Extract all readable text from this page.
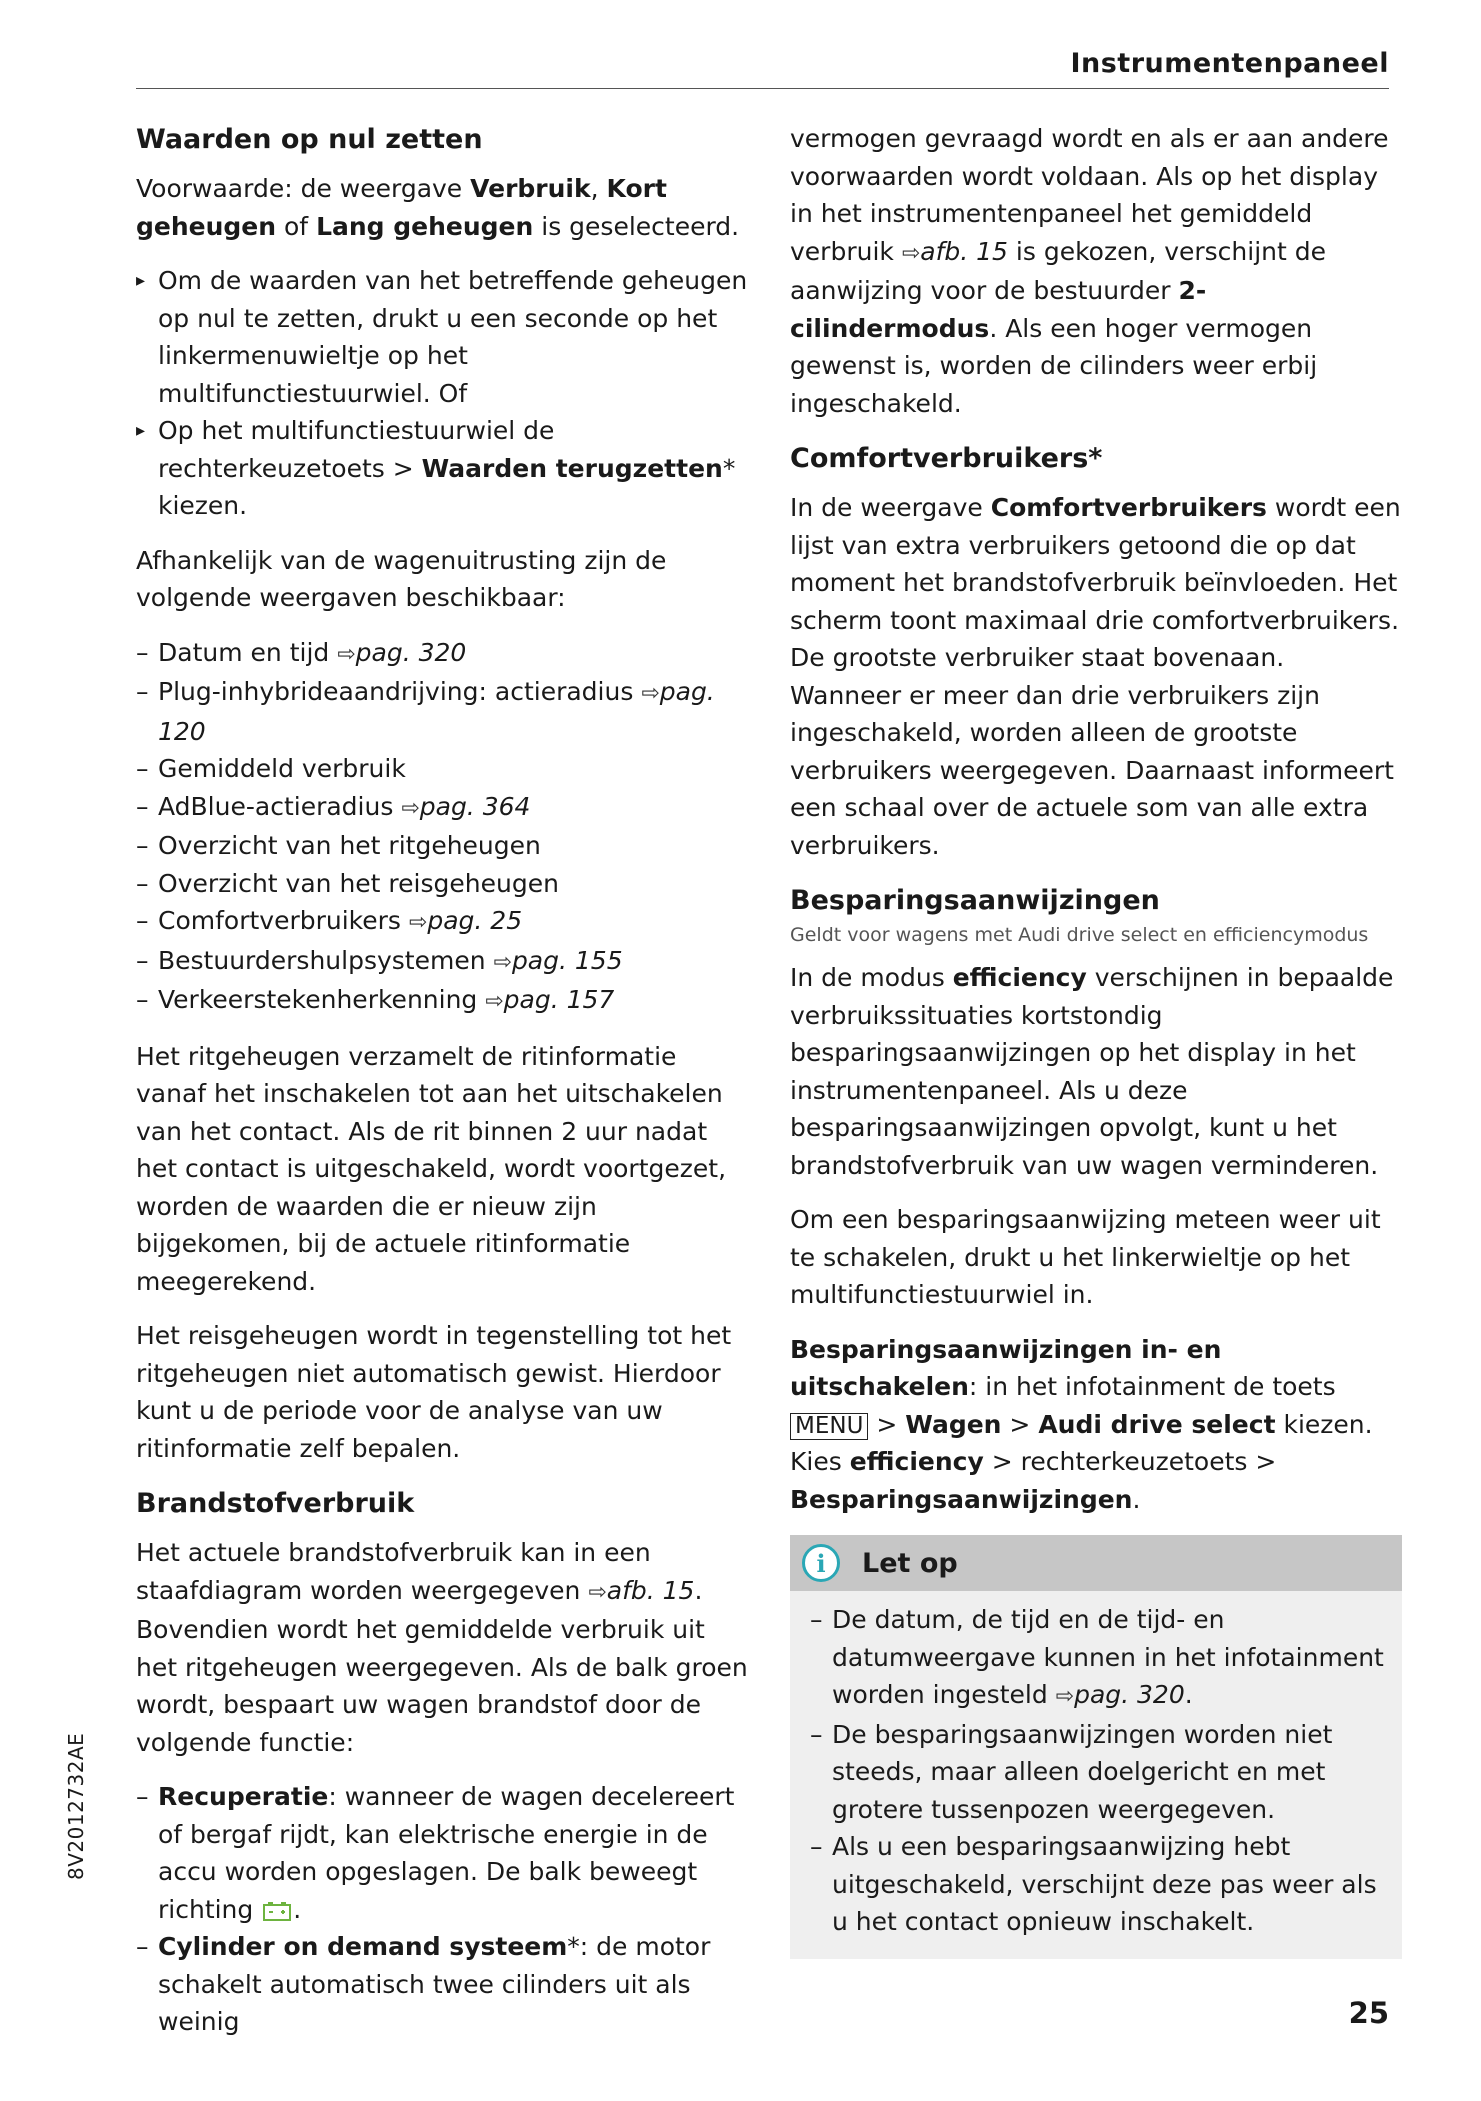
Instrumentenpaneel
Waarden op nul zetten

Voorwaarde: de weergave Verbruik, Kort geheugen of Lang geheugen is geselecteerd.

▸ Om de waarden van het betreffende geheugen op nul te zetten, drukt u een seconde op het linkermenuwieltje op het multifunctiestuurwiel. Of
▸ Op het multifunctiestuurwiel de rechterkeuzetoets > Waarden terugzetten* kiezen.

Afhankelijk van de wagenuitrusting zijn de volgende weergaven beschikbaar:

– Datum en tijd ⇨pag. 320
– Plug-inhybrideaandrijving: actieradius ⇨pag. 120
– Gemiddeld verbruik
– AdBlue-actieradius ⇨pag. 364
– Overzicht van het ritgeheugen
– Overzicht van het reisgeheugen
– Comfortverbruikers ⇨pag. 25
– Bestuurdershulpsystemen ⇨pag. 155
– Verkeerstekenherkenning ⇨pag. 157

Het ritgeheugen verzamelt de ritinformatie vanaf het inschakelen tot aan het uitschakelen van het contact. Als de rit binnen 2 uur nadat het contact is uitgeschakeld, wordt voortgezet, worden de waarden die er nieuw zijn bijgekomen, bij de actuele ritinformatie meegerekend.

Het reisgeheugen wordt in tegenstelling tot het ritgeheugen niet automatisch gewist. Hierdoor kunt u de periode voor de analyse van uw ritinformatie zelf bepalen.

Brandstofverbruik

Het actuele brandstofverbruik kan in een staafdiagram worden weergegeven ⇨afb. 15. Bovendien wordt het gemiddelde verbruik uit het ritgeheugen weergegeven. Als de balk groen wordt, bespaart uw wagen brandstof door de volgende functie:

– Recuperatie: wanneer de wagen decelereert of bergaf rijdt, kan elektrische energie in de accu worden opgeslagen. De balk beweegt richting .
– Cylinder on demand systeem*: de motor schakelt automatisch twee cilinders uit als weinig

vermogen gevraagd wordt en als er aan andere voorwaarden wordt voldaan. Als op het display in het instrumentenpaneel het gemiddeld verbruik ⇨afb. 15 is gekozen, verschijnt de aanwijzing voor de bestuurder 2-cilindermodus. Als een hoger vermogen gewenst is, worden de cilinders weer erbij ingeschakeld.

Comfortverbruikers*

In de weergave Comfortverbruikers wordt een lijst van extra verbruikers getoond die op dat moment het brandstofverbruik beïnvloeden. Het scherm toont maximaal drie comfortverbruikers. De grootste verbruiker staat bovenaan. Wanneer er meer dan drie verbruikers zijn ingeschakeld, worden alleen de grootste verbruikers weergegeven. Daarnaast informeert een schaal over de actuele som van alle extra verbruikers.

Besparingsaanwijzingen
Geldt voor wagens met Audi drive select en efficiencymodus

In de modus efficiency verschijnen in bepaalde verbruikssituaties kortstondig besparingsaanwijzingen op het display in het instrumentenpaneel. Als u deze besparingsaanwijzingen opvolgt, kunt u het brandstofverbruik van uw wagen verminderen.

Om een besparingsaanwijzing meteen weer uit te schakelen, drukt u het linkerwieltje op het multifunctiestuurwiel in.

Besparingsaanwijzingen in- en uitschakelen: in het infotainment de toets MENU > Wagen > Audi drive select kiezen. Kies efficiency > rechterkeuzetoets > Besparingsaanwijzingen.

i	Let op
– De datum, de tijd en de tijd- en datumweergave kunnen in het infotainment worden ingesteld ⇨pag. 320.
– De besparingsaanwijzingen worden niet steeds, maar alleen doelgericht en met grotere tussenpozen weergegeven.
– Als u een besparingsaanwijzing hebt uitgeschakeld, verschijnt deze pas weer als u het contact opnieuw inschakelt.
8V2012732AE
25
